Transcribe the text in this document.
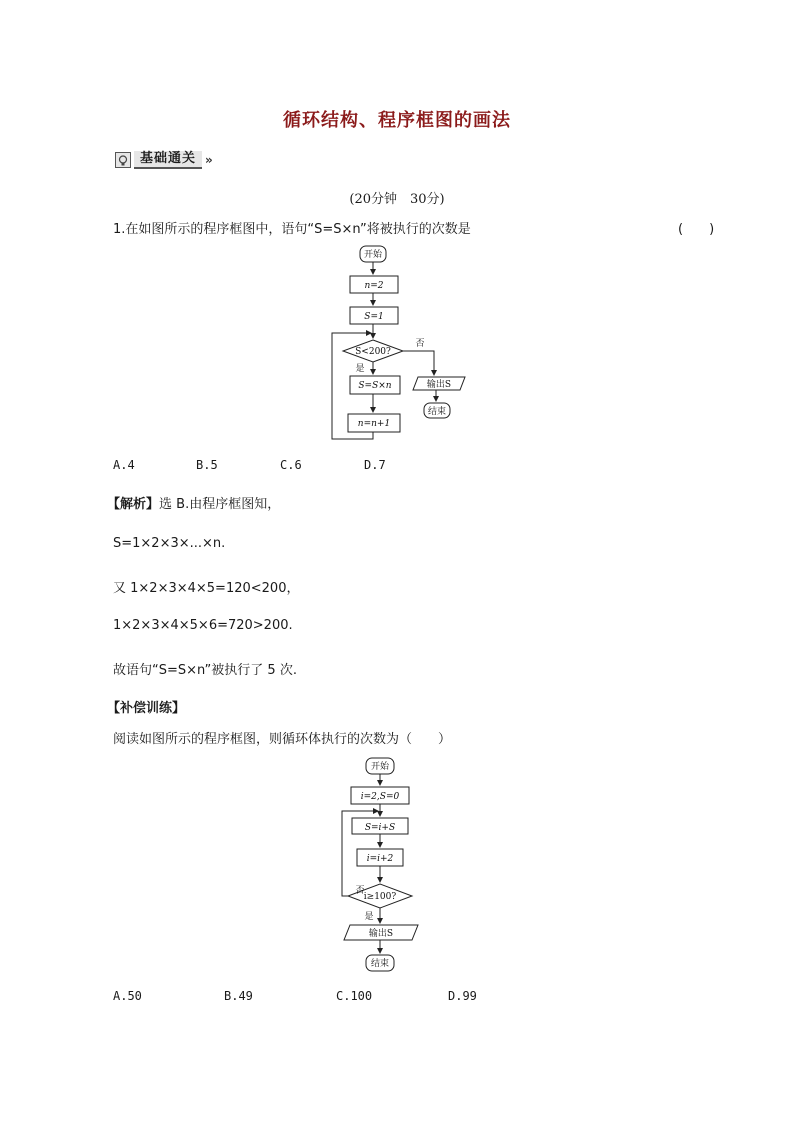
循环结构、程序框图的画法
基础通关 »
(20分钟　30分)
1.在如图所示的程序框图中，语句“S=S×n”将被执行的次数是	(　　)
开始
n=2
S=1
S<200?
是
否
S=S×n
n=n+1
输出S
结束
A.4	B.5	C.6	D.7
【解析】选 B.由程序框图知，
S=1×2×3×...×n.
又 1×2×3×4×5=120<200，
1×2×3×4×5×6=720>200.
故语句“S=S×n”被执行了 5 次.
【补偿训练】
阅读如图所示的程序框图，则循环体执行的次数为（　　）
开始
i=2,S=0
S=i+S
i=i+2
i≥100?
否
是
输出S
结束
A.50	B.49	C.100	D.99
